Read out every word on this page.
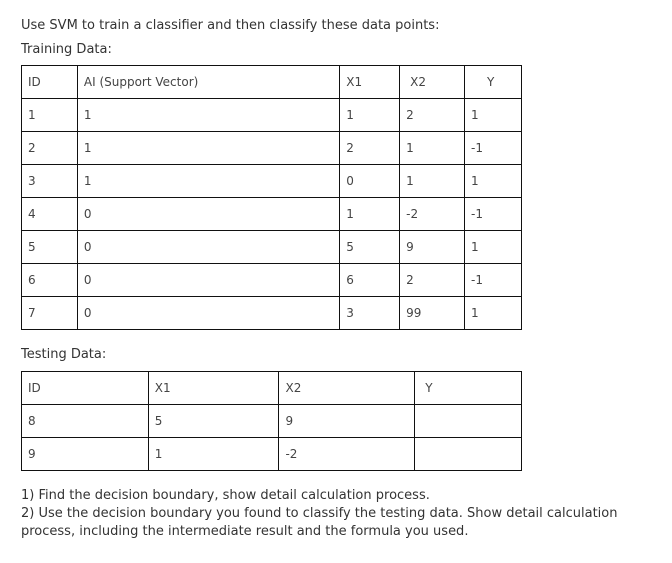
Use SVM to train a classifier and then classify these data points:
Training Data:
ID	AI (Support Vector)	X1	X2	Y
1	1	1	2	1
2	1	2	1	-1
3	1	0	1	1
4	0	1	-2	-1
5	0	5	9	1
6	0	6	2	-1
7	0	3	99	1
Testing Data:
ID	X1	X2	Y
8	5	9	
9	1	-2	
1) Find the decision boundary, show detail calculation process.
2) Use the decision boundary you found to classify the testing data. Show detail calculation process, including the intermediate result and the formula you used.
